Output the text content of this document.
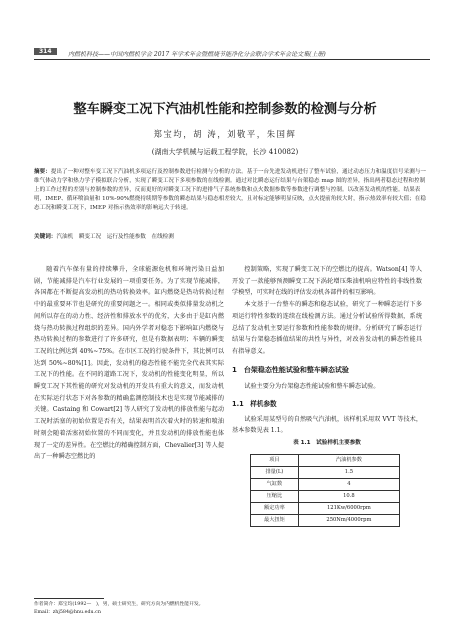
314	内燃机科技——中国内燃机学会 2017 年学术年会暨燃烧节能净化分会联合学术年会论文集(上册)
整车瞬变工况下汽油机性能和控制参数的检测与分析
郑宝均，胡 涛，刘敬平，朱国辉
(湖南大学机械与运载工程学院，长沙 410082)
摘要：提出了一种对整车变工况下汽油机多项运行及控制参数进行检测与分析的方法。基于一台先进发动机进行了整车试验，通过动态压力和温度信号采测与一维气体动力学和热力学子模拟联合分析，实现了瞬变工况下多项参数的在线检测。通过对比瞬态运行结果与台架稳态 map 图的差异，指出两者稳态过程和控制上的工作过程的差别与控制参数的差异，反而更好的对瞬变工况下的进排气子系统参数和点火数据参数等参数进行调整与控制。以改善发动机的性能。结果表明，IMEP、循环喷油量和 10%-90%燃烧持续期等参数的瞬态结果与稳态相差较大，且对标定能够明显反映，点火提前角较大时，指示热效率有较大值；在稳态工况和瞬变工况下，IMEP 对指示热效率的影响远大于转速。
关键词：汽油机　瞬变工况　运行及性能参数　在线检测

随着汽车保有量的持续攀升，全球能源危机和环境污染日益加剧，节能减排是汽车行业发展的一项重要任务。为了实现节能减排，各国都在不断提高发动机的热功转换效率。缸内燃烧是热功转换过程中的最重要环节也是研究的重要问题之一。相同或类似排量发动机之间所以存在的动力性、经济性和排放水平的优劣，大多由于是缸内燃烧与热功转换过程组织的差异。国内外学者对稳态下影响缸内燃烧与热功转换过程的参数进行了许多研究，但是有数据表明；车辆的瞬变工况的比例达到 40%~75%。在市区工况的行驶条件下，其比例可以达到 50%~80%[1]。因此，发动机的稳态性能不能完全代表其实际工况下的性能。在不同的道路工况下，发动机的性能变化明显，所以瞬变工况下其性能的研究对发动机的开发具有重大的意义，而发动机在实际运行状态下对各参数的精确监测控制技术也是实现节能减排的关键。Castaing 和 Cowart[2] 等人研究了发动机的排放性能与起动工况时活塞的初始位置是否有关，结果表明首次着火时的转速和喷油时刻会随着活塞初始位置的不同而变化，并且发动机的排放性能也体现了一定的差异性。在空燃比的精确控制方面，Chevalier[3] 等人提出了一种瞬态空燃比的

控制策略，实现了瞬变工况下的空燃比的提高。Watson[4] 等人开发了一款能够预测瞬变工况下涡轮增压柴油机响应特性的非线性数学模型，可实时在线的评估发动机各部件的相互影响。

本文基于一台整车的瞬态和稳态试验，研究了一种瞬态运行下多项运行特性参数的连续在线检测方法。通过分析试验所得数据，系统总结了发动机主要运行参数和性能参数的规律。分析研究了瞬态运行结果与台架稳态插值结果的共性与异性，对改善发动机的瞬态性能具有指导意义。

1　台架稳态性能试验和整车瞬态试验

试验主要分为台架稳态性能试验和整车瞬态试验。

1.1　样机参数

试验采用某型号的自然吸气汽油机，该样机采用双 VVT 等技术，基本参数见表 1.1。

表 1.1　试验样机主要参数
项目	汽油机参数
排量(L)	1.5
气缸数	4
压缩比	10.8
额定功率	121Kw/6000rpm
最大扭矩	250Nm/4000rpm
作者简介：郑宝均(1992—　)，男，硕士研究生，研究方向为内燃机性能开发。
Email：zhj584@hnu.edu.cn
